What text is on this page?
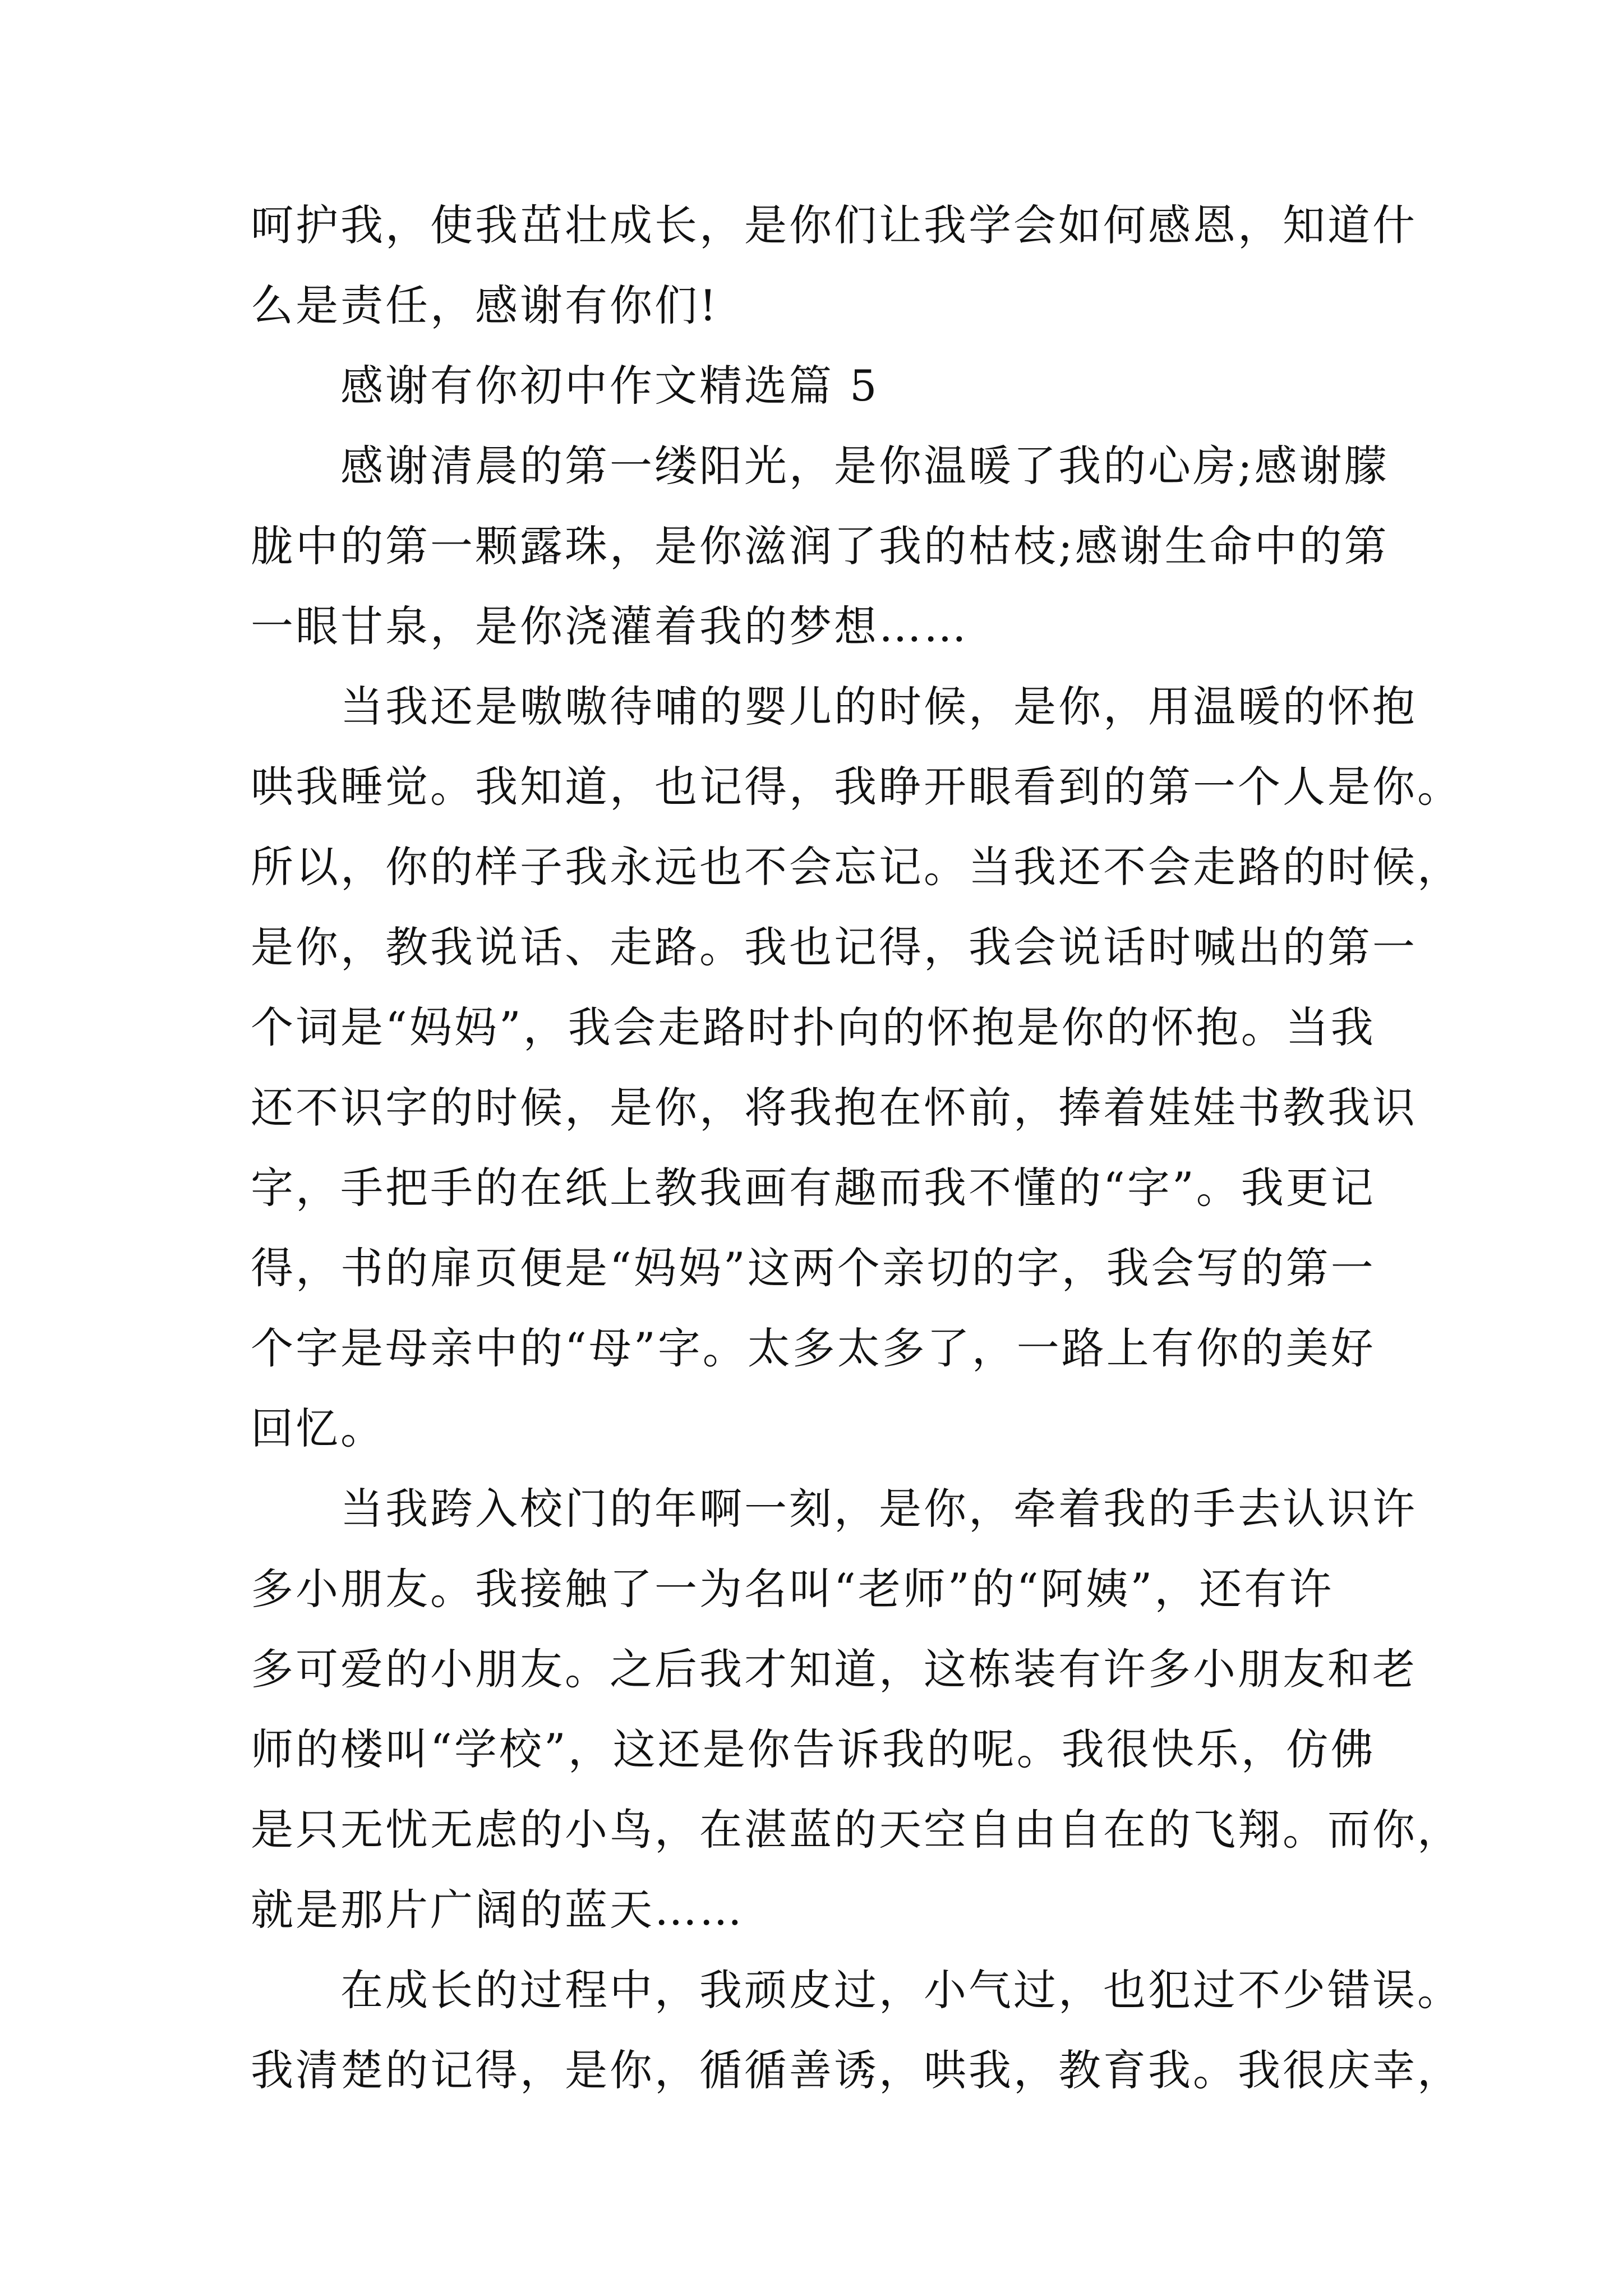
呵护我，使我茁壮成长，是你们让我学会如何感恩，知道什
么是责任，感谢有你们!
感谢有你初中作文精选篇 5
感谢清晨的第一缕阳光，是你温暖了我的心房;感谢朦
胧中的第一颗露珠，是你滋润了我的枯枝;感谢生命中的第
一眼甘泉，是你浇灌着我的梦想……
当我还是嗷嗷待哺的婴儿的时候，是你，用温暖的怀抱
哄我睡觉。我知道，也记得，我睁开眼看到的第一个人是你。
所以，你的样子我永远也不会忘记。当我还不会走路的时候，
是你，教我说话、走路。我也记得，我会说话时喊出的第一
个词是“妈妈”，我会走路时扑向的怀抱是你的怀抱。当我
还不识字的时候，是你，将我抱在怀前，捧着娃娃书教我识
字，手把手的在纸上教我画有趣而我不懂的“字”。我更记
得，书的扉页便是“妈妈”这两个亲切的字，我会写的第一
个字是母亲中的“母”字。太多太多了，一路上有你的美好
回忆。
当我跨入校门的年啊一刻，是你，牵着我的手去认识许
多小朋友。我接触了一为名叫“老师”的“阿姨”，还有许
多可爱的小朋友。之后我才知道，这栋装有许多小朋友和老
师的楼叫“学校”，这还是你告诉我的呢。我很快乐，仿佛
是只无忧无虑的小鸟，在湛蓝的天空自由自在的飞翔。而你，
就是那片广阔的蓝天……
在成长的过程中，我顽皮过，小气过，也犯过不少错误。
我清楚的记得，是你，循循善诱，哄我，教育我。我很庆幸，
